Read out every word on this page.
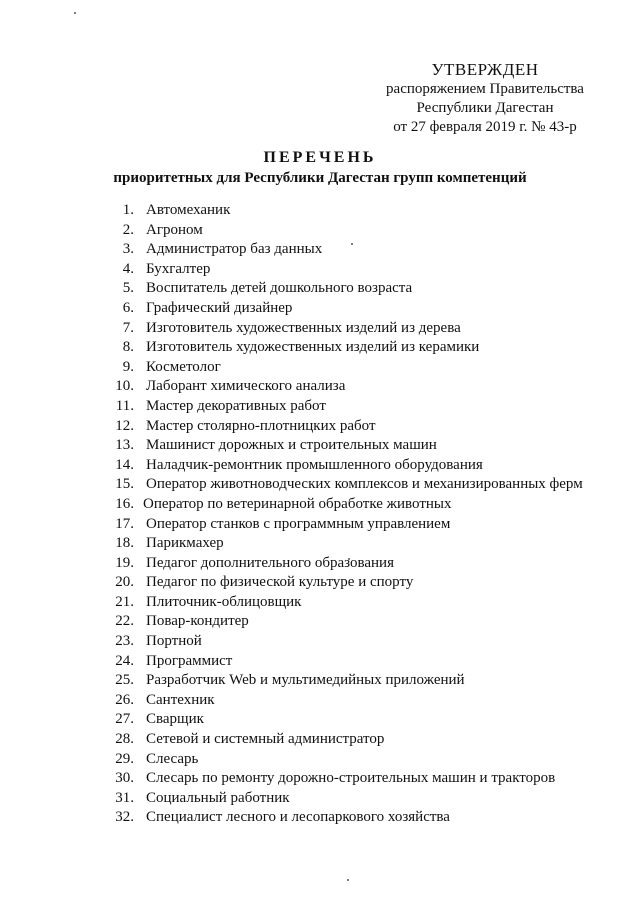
УТВЕРЖДЕН

распоряжением Правительства

Республики Дагестан

от 27 февраля 2019 г. № 43-р

ПЕРЕЧЕНЬ
приоритетных для Республики Дагестан групп компетенций
1. Автомеханик
2. Агроном
3. Администратор баз данных
4. Бухгалтер
5. Воспитатель детей дошкольного возраста
6. Графический дизайнер
7. Изготовитель художественных изделий из дерева
8. Изготовитель художественных изделий из керамики
9. Косметолог
10. Лаборант химического анализа
11. Мастер декоративных работ
12. Мастер столярно-плотницких работ
13. Машинист дорожных и строительных машин
14. Наладчик-ремонтник промышленного оборудования
15. Оператор животноводческих комплексов и механизированных ферм
16. Оператор по ветеринарной обработке животных
17. Оператор станков с программным управлением
18. Парикмахер
19. Педагог дополнительного образования
20. Педагог по физической культуре и спорту
21. Плиточник-облицовщик
22. Повар-кондитер
23. Портной
24. Программист
25. Разработчик Web и мультимедийных приложений
26. Сантехник
27. Сварщик
28. Сетевой и системный администратор
29. Слесарь
30. Слесарь по ремонту дорожно-строительных машин и тракторов
31. Социальный работник
32. Специалист лесного и лесопаркового хозяйства
